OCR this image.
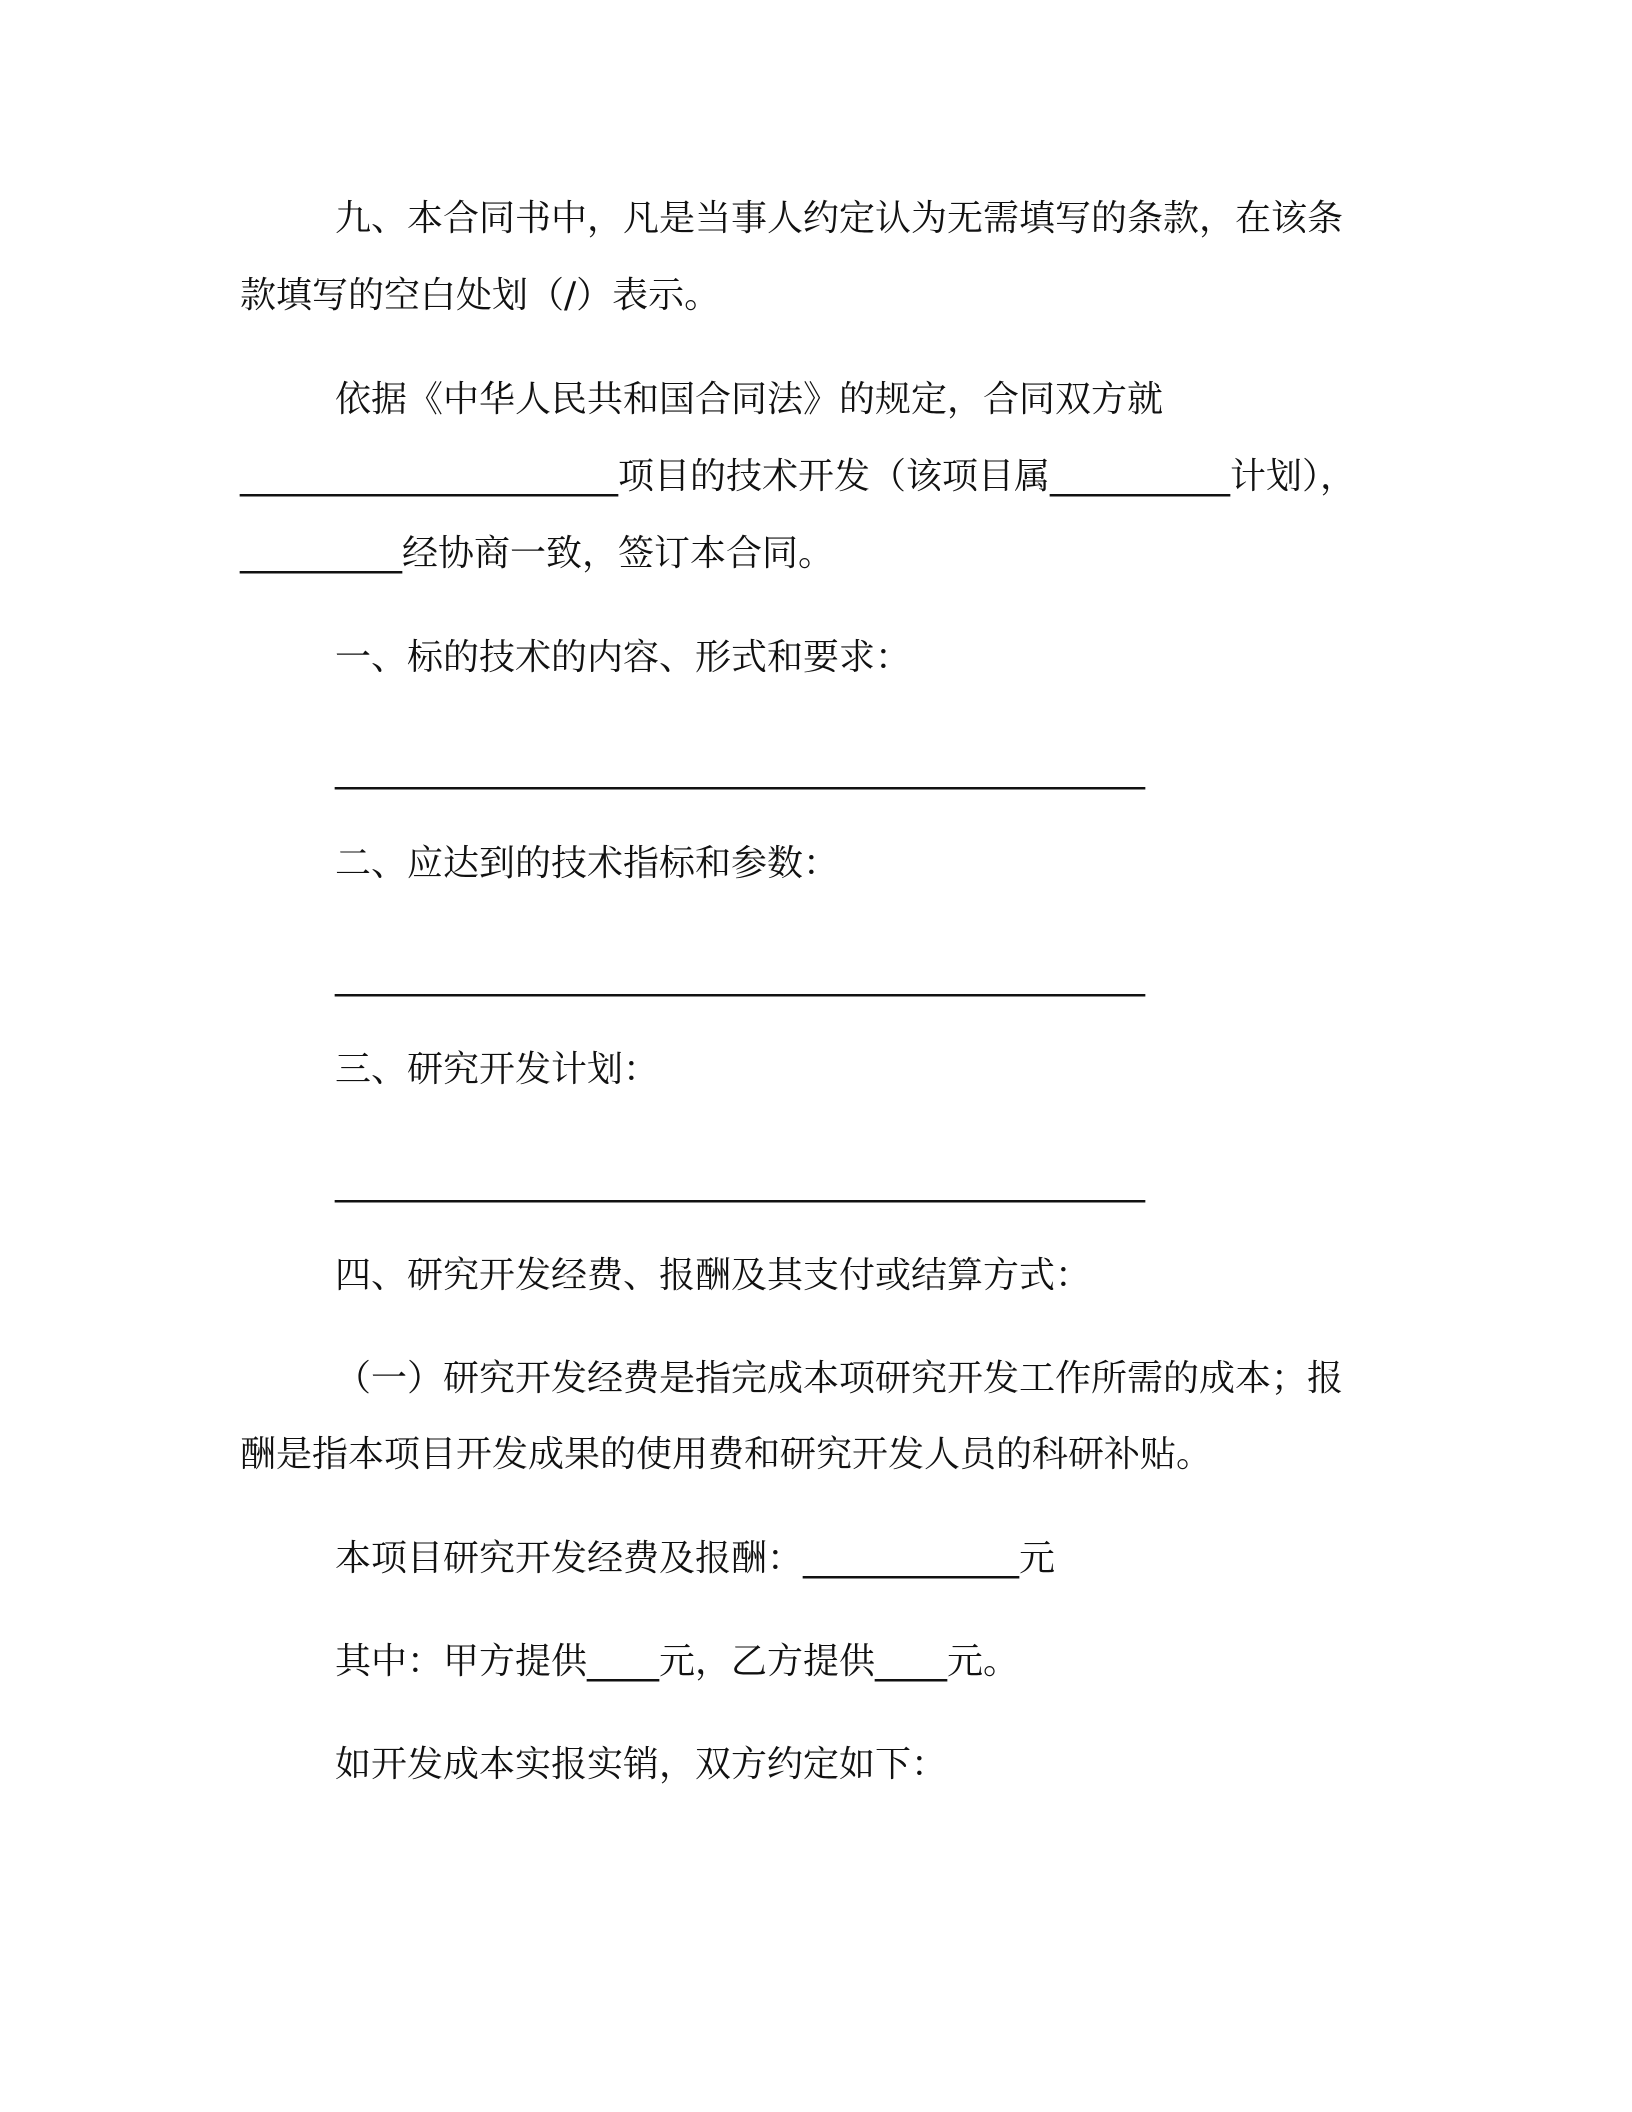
九、本合同书中，凡是当事人约定认为无需填写的条款，在该条
款填写的空白处划（/）表示。
依据《中华人民共和国合同法》的规定，合同双方就
_____________________项目的技术开发（该项目属__________计划），
_________经协商一致，签订本合同。
一、标的技术的内容、形式和要求：
_____________________________________________
二、应达到的技术指标和参数：
_____________________________________________
三、研究开发计划：
_____________________________________________
四、研究开发经费、报酬及其支付或结算方式：
（一）研究开发经费是指完成本项研究开发工作所需的成本；报
酬是指本项目开发成果的使用费和研究开发人员的科研补贴。
本项目研究开发经费及报酬：____________元
其中：甲方提供____元，乙方提供____元。
如开发成本实报实销，双方约定如下：
